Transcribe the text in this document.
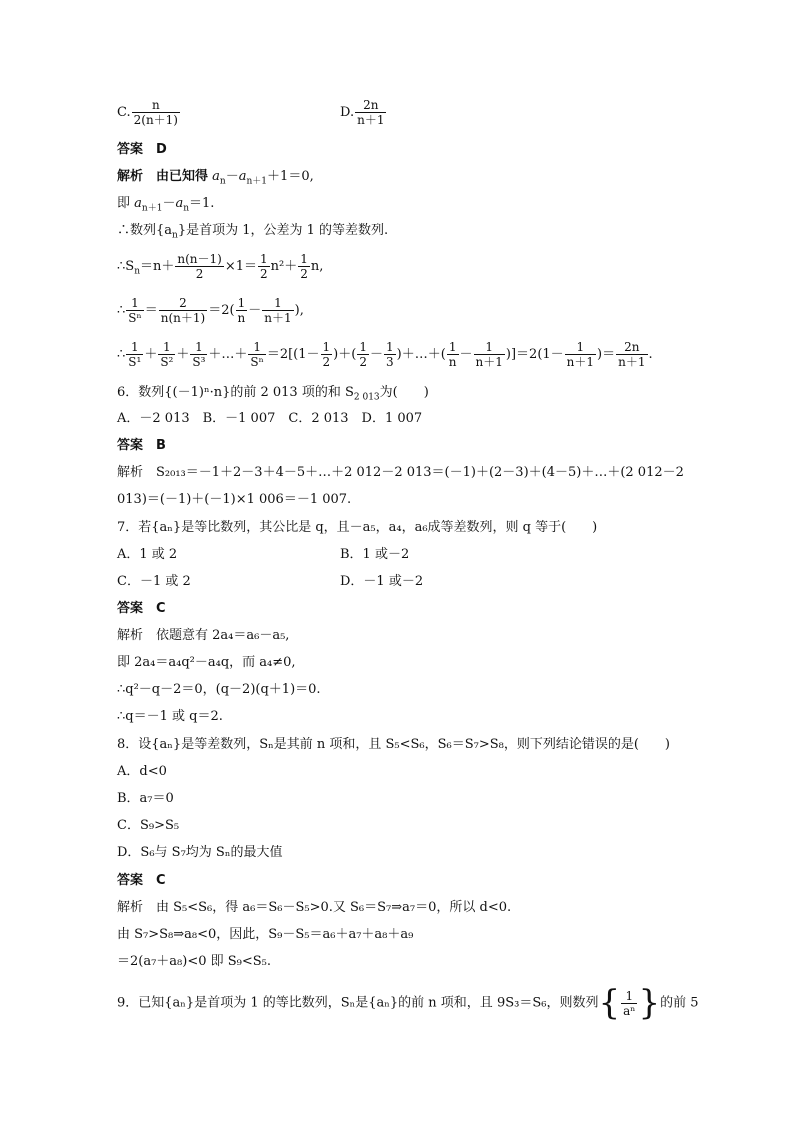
C. $\frac{n}{2(n+1)}$	D. $\frac{2n}{n+1}$
答案　D
解析　由已知得 $a_n-a_{n+1}+1=0$,
即 $a_{n+1}-a_n=1$.
∴数列$\{a_n\}$是首项为 1，公差为 1 的等差数列.
$\therefore S_n=n+ \frac{n(n-1)}{2} \times 1= \frac{1}{2} n^2+ \frac{1}{2} n$,
∴ $\frac{1}{\text{Sⁿ}} = \frac{2}{n(n+1)} =2( \frac{1}{n} - \frac{1}{n+1}$ ),
∴ $\frac{1}{\text{S¹}} + \frac{1}{\text{S²}} + \frac{1}{\text{S³}}$ ＋…＋ $\frac{1}{\text{Sⁿ}} =2[(1- \frac{1}{2}$ )＋( $\frac{1}{2} - \frac{1}{3}$ )＋…＋( $\frac{1}{n} - \frac{1}{n+1} )]=2(1- \frac{1}{n+1}$ )＝ $\frac{2n}{n+1}$ .
6．数列{(－1)ⁿ·n}的前 2 013 项的和 $S_{2 013}$为(　　)
A．－2 013　B．－1 007　C．2 013　D．1 007
答案　B
解析　S₂₀₁₃＝－1＋2－3＋4－5＋…＋2 012－2 013＝(－1)＋(2－3)＋(4－5)＋…＋(2 012－2
013)＝(－1)＋(－1)×1 006＝－1 007.
7．若{aₙ}是等比数列，其公比是 q，且－a₅，a₄，a₆成等差数列，则 q 等于(　　)
A．1 或 2	B．1 或－2
C．－1 或 2	D．－1 或－2
答案　C
解析　依题意有 2a₄＝a₆－a₅,
即 2a₄＝a₄q²－a₄q，而 a₄≠0,
∴q²－q－2＝0，(q－2)(q＋1)＝0.
∴q＝－1 或 q＝2.
8．设{aₙ}是等差数列，Sₙ是其前 n 项和，且 S₅<S₆，S₆＝S₇>S₈，则下列结论错误的是(　　)
A．d<0
B．a₇＝0
C．S₉>S₅
D．S₆与 S₇均为 Sₙ的最大值
答案　C
解析　由 S₅<S₆，得 a₆＝S₆－S₅>0.又 S₆＝S₇⇒a₇＝0，所以 d<0.
由 S₇>S₈⇒a₈<0，因此，S₉－S₅＝a₆＋a₇＋a₈＋a₉
＝2(a₇＋a₈)<0 即 S₉<S₅.
9．已知{aₙ}是首项为 1 的等比数列，Sₙ是{aₙ}的前 n 项和，且 9S₃＝S₆，则数列{ $\frac{1}{\text{aⁿ}}$ }的前 5
